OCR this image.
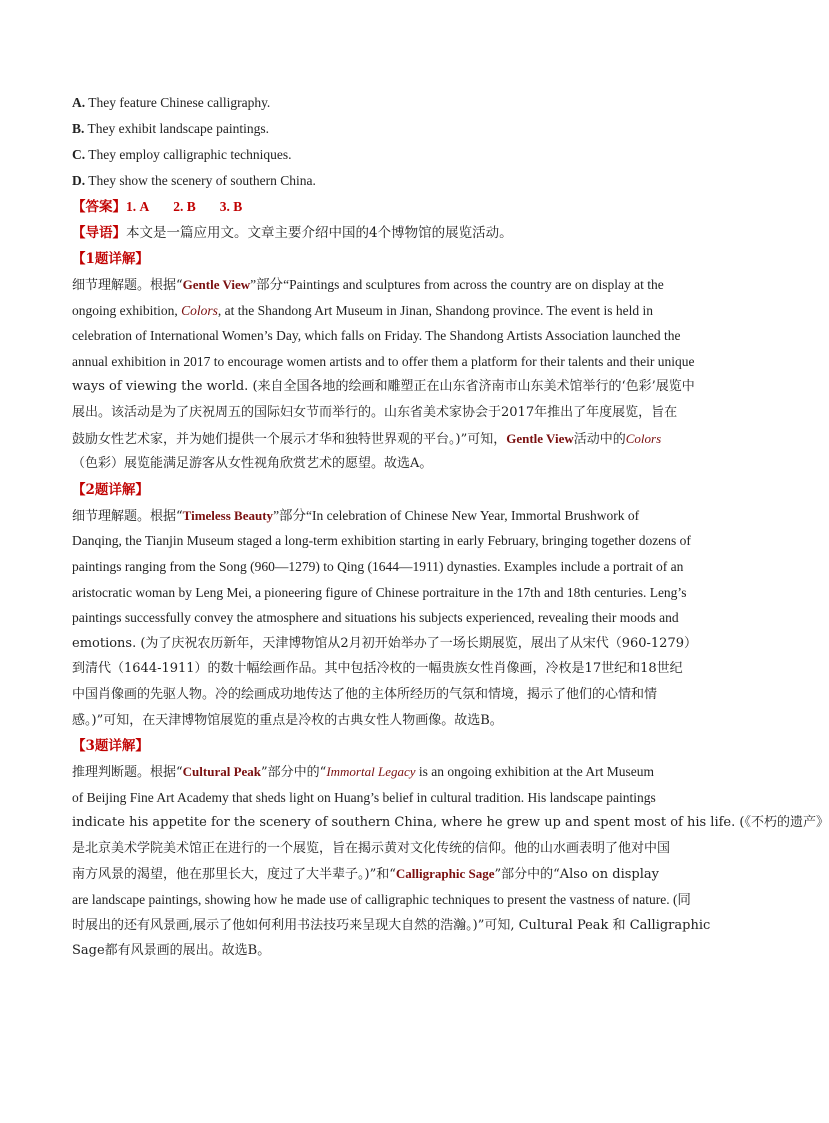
A. They feature Chinese calligraphy.
B. They exhibit landscape paintings.
C. They employ calligraphic techniques.
D. They show the scenery of southern China.
【答案】1. A 2. B 3. B
【导语】本文是一篇应用文。文章主要介绍中国的4个博物馆的展览活动。
【1题详解】

细节理解题。根据“Gentle View”部分“Paintings and sculptures from across the country are on display at the
ongoing exhibition, Colors, at the Shandong Art Museum in Jinan, Shandong province. The event is held in
celebration of International Women’s Day, which falls on Friday. The Shandong Artists Association launched the
annual exhibition in 2017 to encourage women artists and to offer them a platform for their talents and their unique
ways of viewing the world. (来自全国各地的绘画和雕塑正在山东省济南市山东美术馆举行的‘色彩’展览中
展出。该活动是为了庆祝周五的国际妇女节而举行的。山东省美术家协会于2017年推出了年度展览，旨在
鼓励女性艺术家，并为她们提供一个展示才华和独特世界观的平台。)”可知，Gentle View活动中的Colors
（色彩）展览能满足游客从女性视角欣赏艺术的愿望。故选A。

【2题详解】

细节理解题。根据“Timeless Beauty”部分“In celebration of Chinese New Year, Immortal Brushwork of
Danqing, the Tianjin Museum staged a long-term exhibition starting in early February, bringing together dozens of
paintings ranging from the Song (960—1279) to Qing (1644—1911) dynasties. Examples include a portrait of an
aristocratic woman by Leng Mei, a pioneering figure of Chinese portraiture in the 17th and 18th centuries. Leng’s
paintings successfully convey the atmosphere and situations his subjects experienced, revealing their moods and
emotions. (为了庆祝农历新年，天津博物馆从2月初开始举办了一场长期展览，展出了从宋代（960-1279）
到清代（1644-1911）的数十幅绘画作品。其中包括冷枚的一幅贵族女性肖像画，冷枚是17世纪和18世纪
中国肖像画的先驱人物。冷的绘画成功地传达了他的主体所经历的气氛和情境，揭示了他们的心情和情
感。)”可知，在天津博物馆展览的重点是冷枚的古典女性人物画像。故选B。

【3题详解】

推理判断题。根据“Cultural Peak”部分中的“Immortal Legacy is an ongoing exhibition at the Art Museum
of Beijing Fine Art Academy that sheds light on Huang’s belief in cultural tradition. His landscape paintings
indicate his appetite for the scenery of southern China, where he grew up and spent most of his life. (《不朽的遗产》
是北京美术学院美术馆正在进行的一个展览，旨在揭示黄对文化传统的信仰。他的山水画表明了他对中国
南方风景的渴望，他在那里长大，度过了大半辈子。)”和“Calligraphic Sage”部分中的“Also on display
are landscape paintings, showing how he made use of calligraphic techniques to present the vastness of nature. (同
时展出的还有风景画,展示了他如何利用书法技巧来呈现大自然的浩瀚。)”可知, Cultural Peak 和 Calligraphic
Sage都有风景画的展出。故选B。
